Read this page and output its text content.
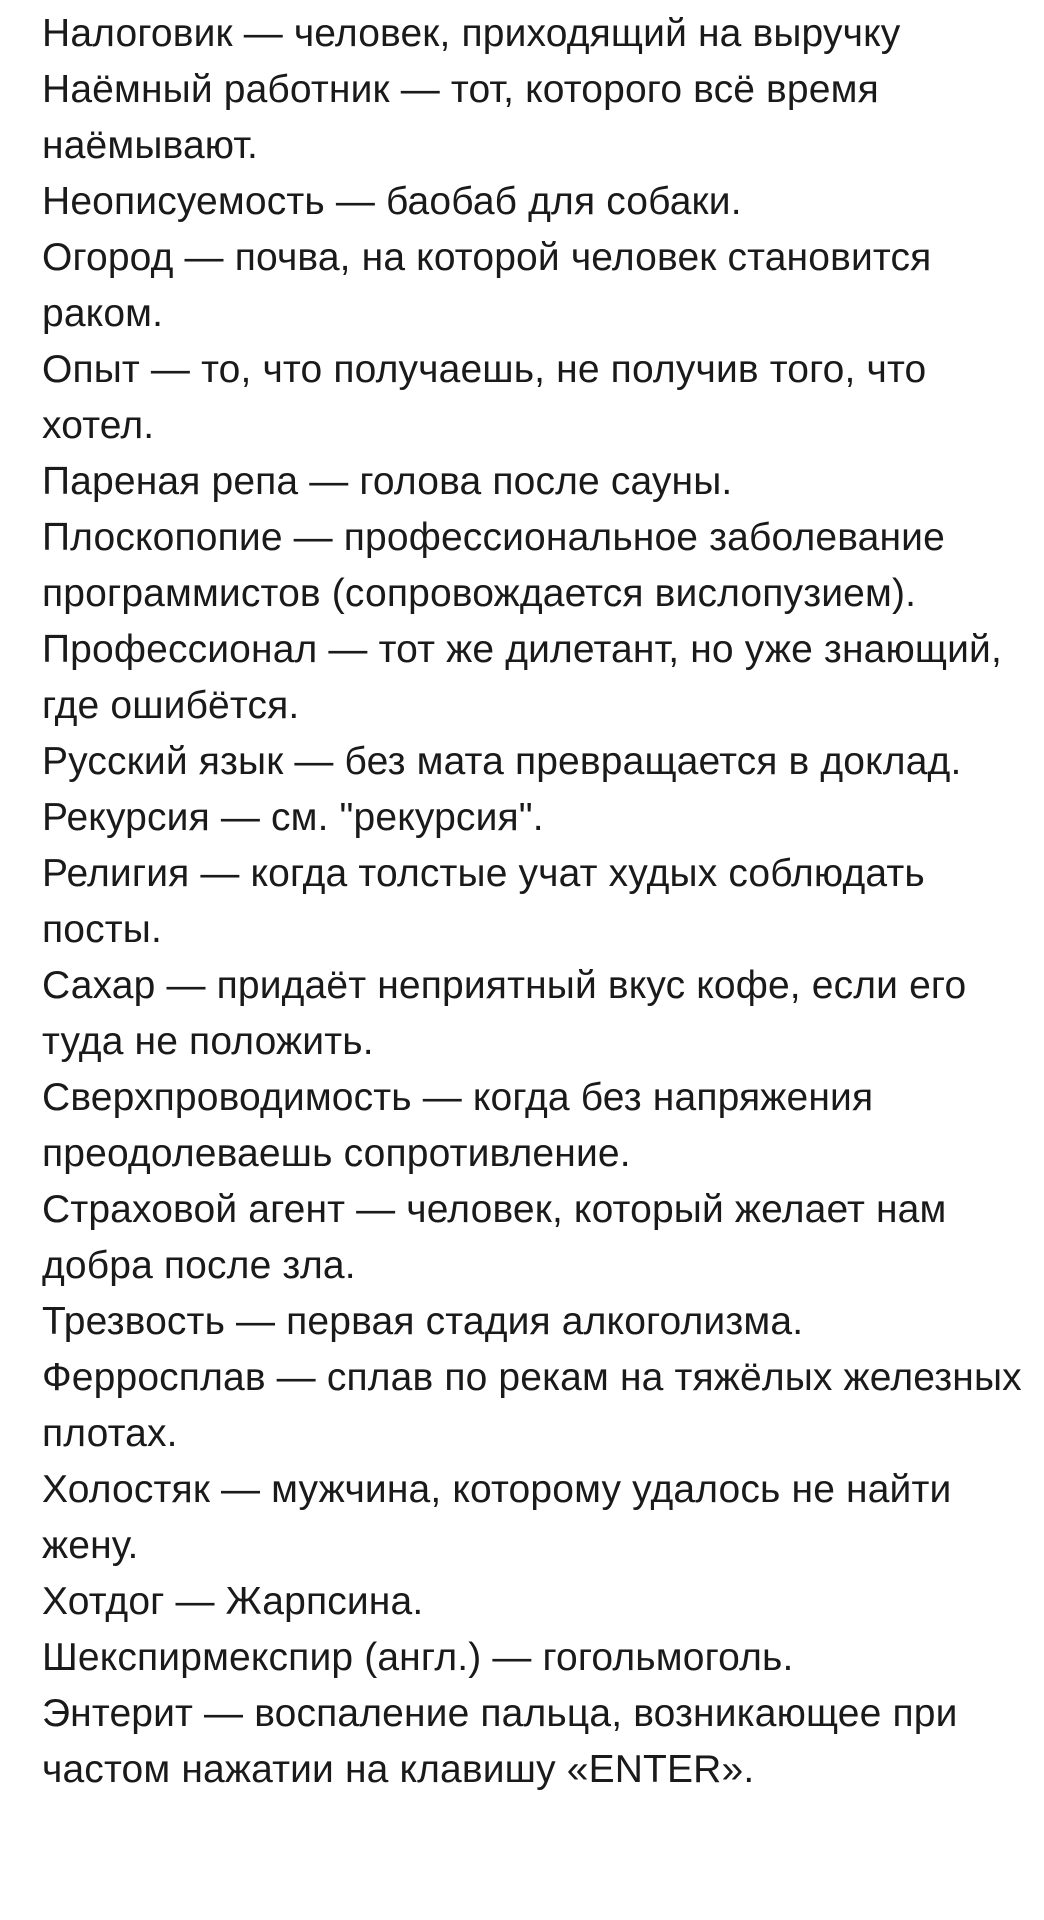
Налоговик — человек, приходящий на выручку

Наёмный работник — тот, которого всё время наёмывают.

Неописуемость — баобаб для собаки.

Огород — почва, на которой человек становится раком.

Опыт — то, что получаешь, не получив того, что хотел.

Пареная репа — голова после сауны.

Плоскопопие — профессиональное заболевание программистов (сопровождается вислопузием).

Профессионал — тот же дилетант, но уже знающий, где ошибётся.

Русский язык — без мата превращается в доклад.

Рекурсия — см. "рекурсия".

Религия — когда толстые учат худых соблюдать посты.

Сахар — придаёт неприятный вкус кофе, если его туда не положить.

Сверхпроводимость — когда без напряжения преодолеваешь сопротивление.

Страховой агент — человек, который желает нам добра после зла.

Трезвость — первая стадия алкоголизма.

Ферросплав — сплав по рекам на тяжёлых железных плотах.

Холостяк — мужчина, которому удалось не найти жену.

Хотдог — Жарпсина.

Шекспирмекспир (англ.) — гогольмоголь.

Энтерит — воспаление пальца, возникающее при частом нажатии на клавишу «ENTER».
